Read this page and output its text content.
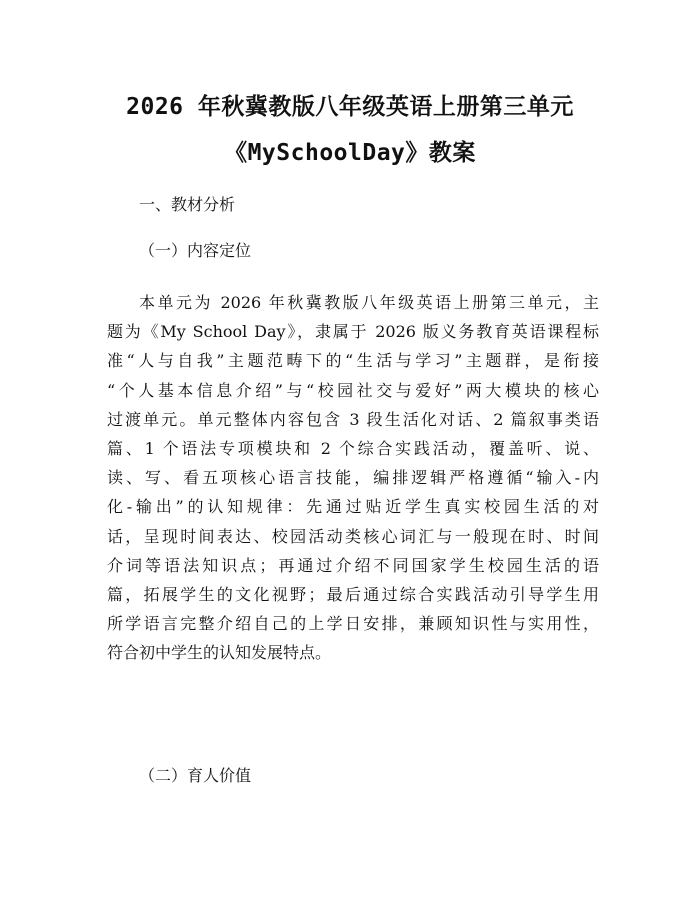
2026 年秋冀教版八年级英语上册第三单元
《MySchoolDay》教案
一、教材分析
（一）内容定位

本单元为 2026 年秋冀教版八年级英语上册第三单元，主
题为《My School Day》，隶属于 2026 版义务教育英语课程标
准“人与自我”主题范畴下的“生活与学习”主题群，是衔接
“个人基本信息介绍”与“校园社交与爱好”两大模块的核心
过渡单元。单元整体内容包含 3 段生活化对话、2 篇叙事类语
篇、1 个语法专项模块和 2 个综合实践活动，覆盖听、说、
读、写、看五项核心语言技能，编排逻辑严格遵循“输入-内
化-输出”的认知规律：先通过贴近学生真实校园生活的对
话，呈现时间表达、校园活动类核心词汇与一般现在时、时间
介词等语法知识点；再通过介绍不同国家学生校园生活的语
篇，拓展学生的文化视野；最后通过综合实践活动引导学生用
所学语言完整介绍自己的上学日安排，兼顾知识性与实用性，
符合初中学生的认知发展特点。

（二）育人价值
